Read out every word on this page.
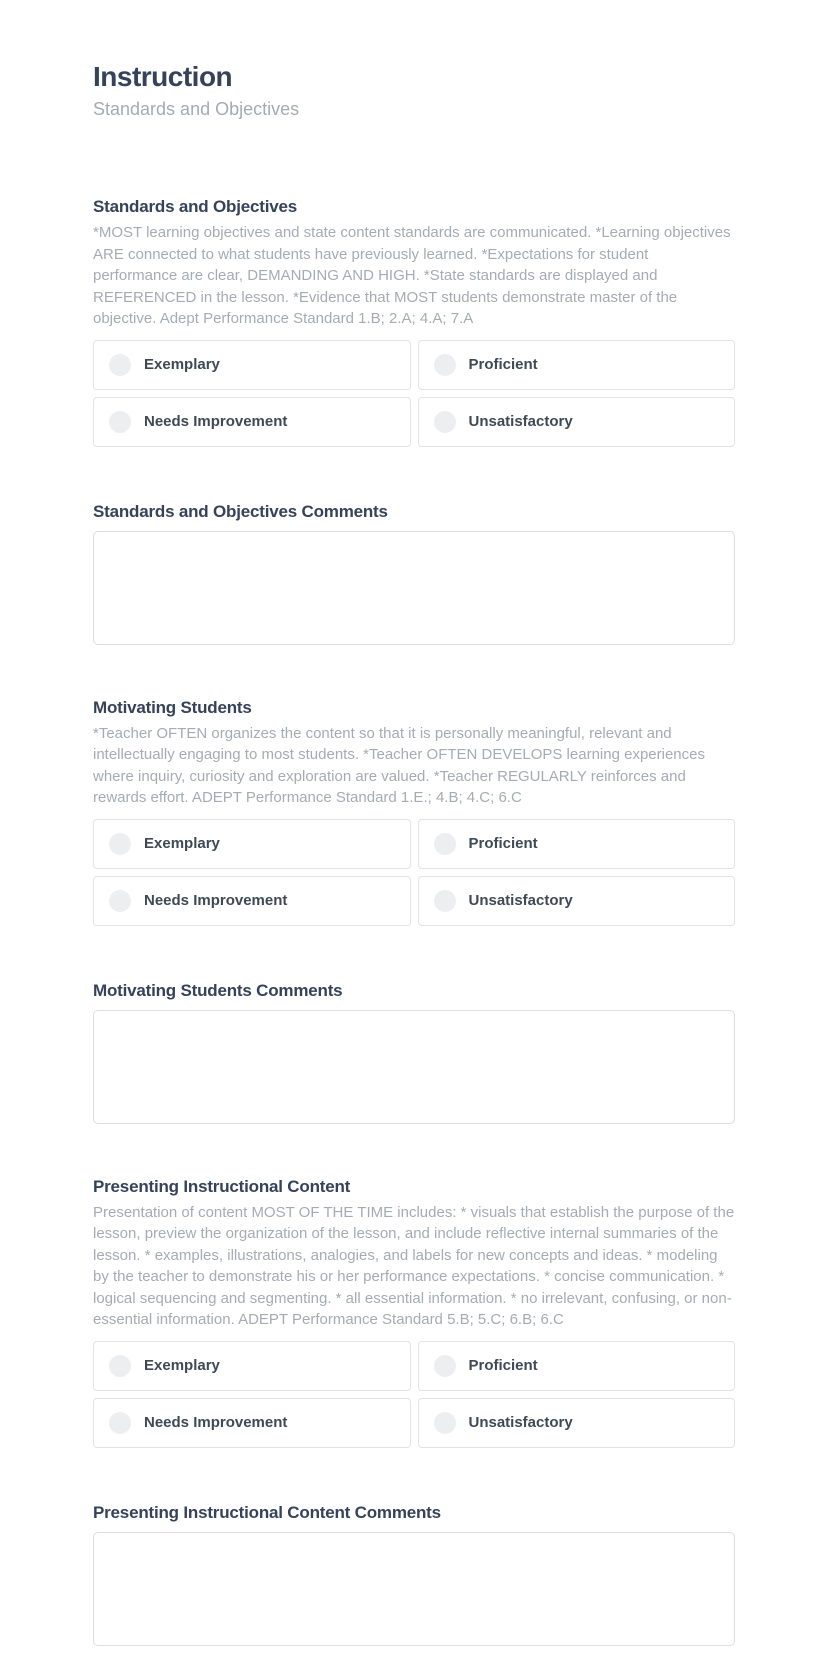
Instruction
Standards and Objectives
Standards and Objectives
*MOST learning objectives and state content standards are communicated. *Learning objectives ARE connected to what students have previously learned. *Expectations for student performance are clear, DEMANDING AND HIGH. *State standards are displayed and REFERENCED in the lesson. *Evidence that MOST students demonstrate master of the objective. Adept Performance Standard 1.B; 2.A; 4.A; 7.A
Exemplary	Proficient
Needs Improvement	Unsatisfactory
Standards and Objectives Comments
Motivating Students
*Teacher OFTEN organizes the content so that it is personally meaningful, relevant and intellectually engaging to most students. *Teacher OFTEN DEVELOPS learning experiences where inquiry, curiosity and exploration are valued. *Teacher REGULARLY reinforces and rewards effort. ADEPT Performance Standard 1.E.; 4.B; 4.C; 6.C
Exemplary	Proficient
Needs Improvement	Unsatisfactory
Motivating Students Comments
Presenting Instructional Content
Presentation of content MOST OF THE TIME includes: * visuals that establish the purpose of the lesson, preview the organization of the lesson, and include reflective internal summaries of the lesson. * examples, illustrations, analogies, and labels for new concepts and ideas. * modeling by the teacher to demonstrate his or her performance expectations. * concise communication. * logical sequencing and segmenting. * all essential information. * no irrelevant, confusing, or non- essential information. ADEPT Performance Standard 5.B; 5.C; 6.B; 6.C
Exemplary	Proficient
Needs Improvement	Unsatisfactory
Presenting Instructional Content Comments
